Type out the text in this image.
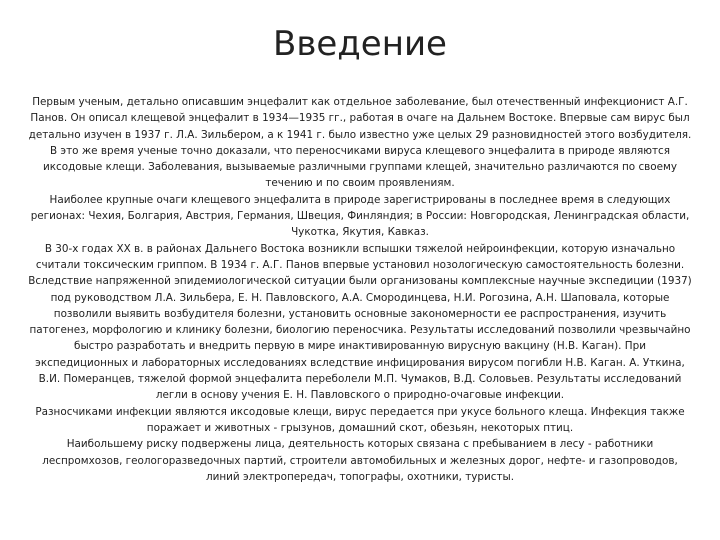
Введение

Первым ученым, детально описавшим энцефалит как отдельное заболевание, был отечественный инфекционист А.Г. Панов. Он описал клещевой энцефалит в 1934—1935 гг., работая в очаге на Дальнем Востоке. Впервые сам вирус был детально изучен в 1937 г. Л.А. Зильбером, а к 1941 г. было известно уже целых 29 разновидностей этого возбудителя. В это же время ученые точно доказали, что переносчиками вируса клещевого энцефалита в природе являются иксодовые клещи. Заболевания, вызываемые различными группами клещей, значительно различаются по своему течению и по своим проявлениям.

Наиболее крупные очаги клещевого энцефалита в природе зарегистрированы в последнее время в следующих регионах: Чехия, Болгария, Австрия, Германия, Швеция, Финляндия; в России: Новгородская, Ленинградская области, Чукотка, Якутия, Кавказ.

В 30-х годах XX в. в районах Дальнего Востока возникли вспышки тяжелой нейроинфекции, которую изначально считали токсическим гриппом. В 1934 г. А.Г. Панов впервые установил нозологическую самостоятельность болезни. Вследствие напряженной эпидемиологической ситуации были организованы комплексные научные экспедиции (1937) под руководством Л.А. Зильбера, Е. Н. Павловского, А.А. Смородинцева, Н.И. Рогозина, А.Н. Шаповала, которые позволили выявить возбудителя болезни, установить основные закономерности ее распространения, изучить патогенез, морфологию и клинику болезни, биологию переносчика. Результаты исследований позволили чрезвычайно быстро разработать и внедрить первую в мире инактивированную вирусную вакцину (Н.В. Каган). При экспедиционных и лабораторных исследованиях вследствие инфицирования вирусом погибли Н.В. Каган. А. Уткина, В.И. Померанцев, тяжелой формой энцефалита переболели М.П. Чумаков, В.Д. Соловьев. Результаты исследований легли в основу учения Е. Н. Павловского о природно-очаговые инфекции.

Разносчиками инфекции являются иксодовые клещи, вирус передается при укусе больного клеща. Инфекция также поражает и животных - грызунов, домашний скот, обезьян, некоторых птиц.

Наибольшему риску подвержены лица, деятельность которых связана с пребыванием в лесу - работники леспромхозов, геологоразведочных партий, строители автомобильных и железных дорог, нефте- и газопроводов, линий электропередач, топографы, охотники, туристы.
